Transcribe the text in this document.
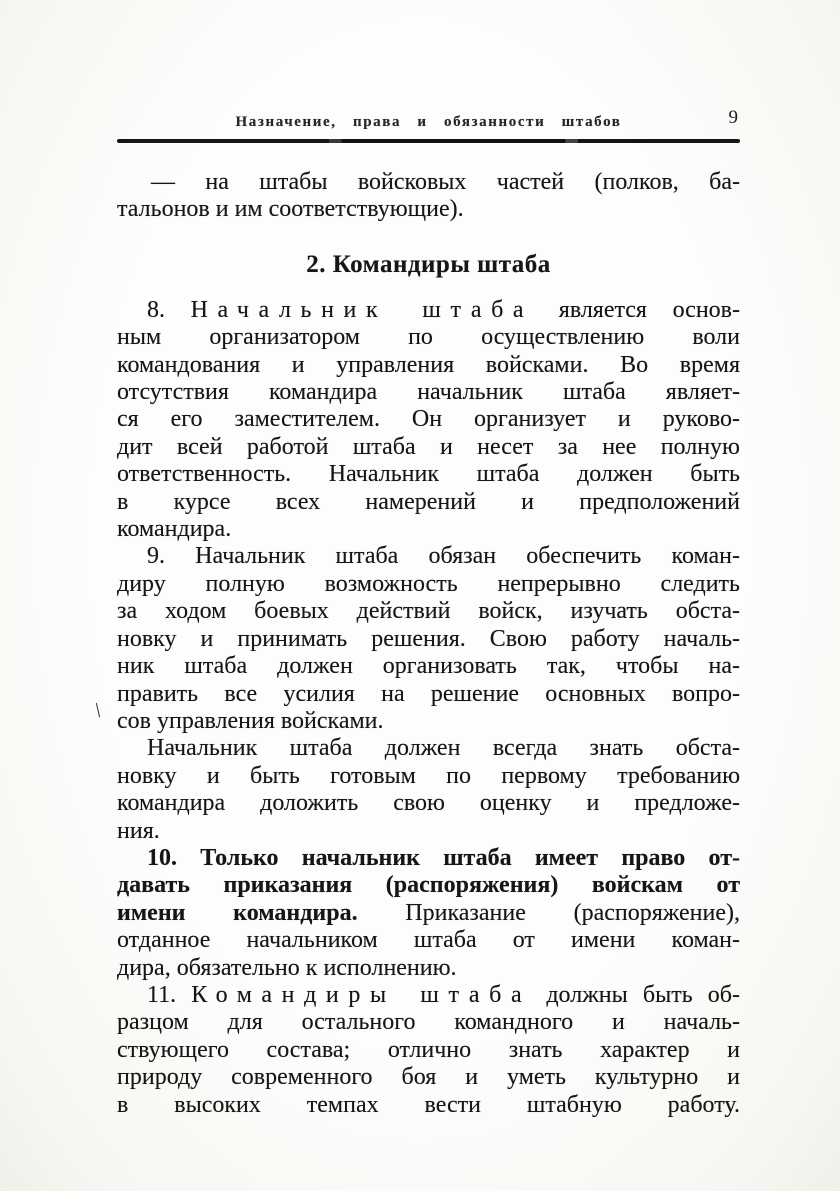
\
Назначение, права и обязанности штабов	9
— на штабы войсковых частей (полков, ба-
тальонов и им соответствующие).
2. Командиры штаба
8. Начальник штаба является основ-
ным организатором по осуществлению воли
командования и управления войсками. Во время
отсутствия командира начальник штаба являет-
ся его заместителем. Он организует и руково-
дит всей работой штаба и несет за нее полную
ответственность. Начальник штаба должен быть
в курсе всех намерений и предположений
командира.
9. Начальник штаба обязан обеспечить коман-
диру полную возможность непрерывно следить
за ходом боевых действий войск, изучать обста-
новку и принимать решения. Свою работу началь-
ник штаба должен организовать так, чтобы на-
править все усилия на решение основных вопро-
сов управления войсками.
Начальник штаба должен всегда знать обста-
новку и быть готовым по первому требованию
командира доложить свою оценку и предложе-
ния.
10. Только начальник штаба имеет право от-
давать приказания (распоряжения) войскам от
имени командира. Приказание (распоряжение),
отданное начальником штаба от имени коман-
дира, обязательно к исполнению.
11. Командиры штаба должны быть об-
разцом для остального командного и началь-
ствующего состава; отлично знать характер и
природу современного боя и уметь культурно и
в высоких темпах вести штабную работу.
